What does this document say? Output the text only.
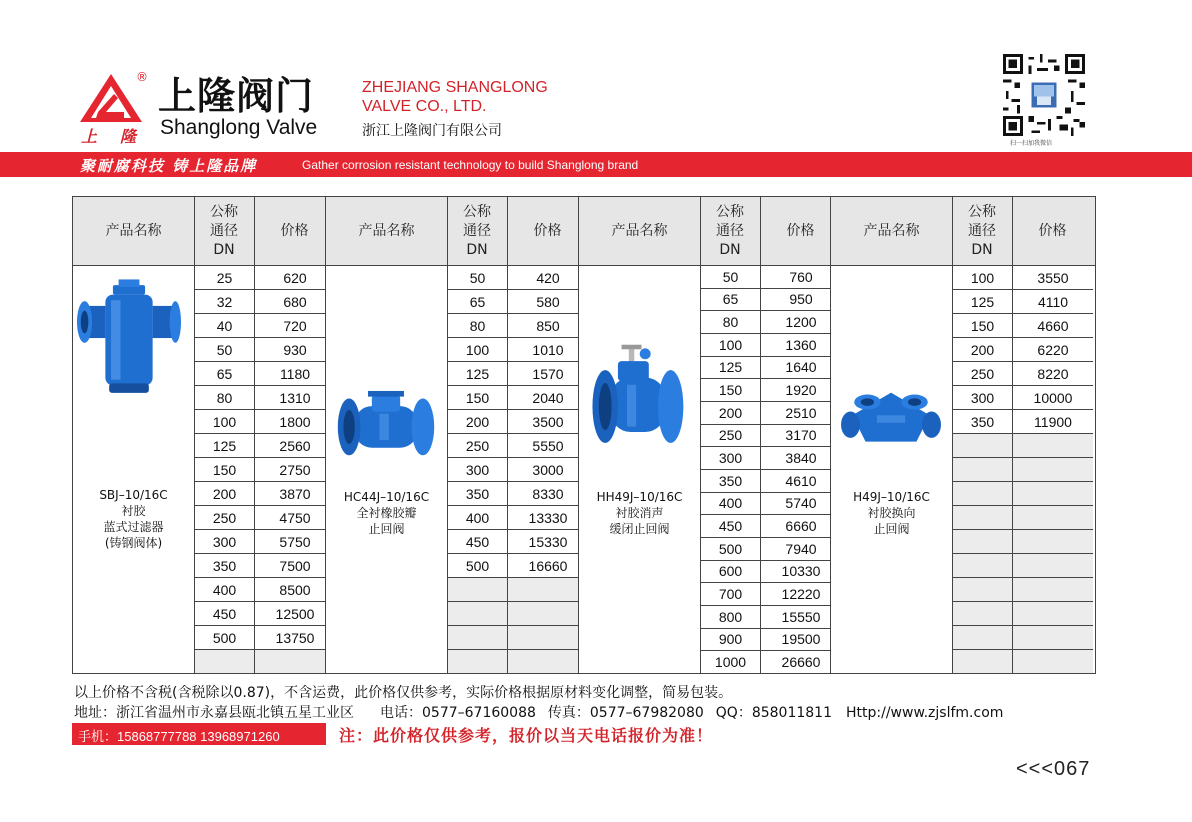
®
上 隆
上隆阀门
Shanglong Valve
ZHEJIANG SHANGLONG
VALVE CO., LTD.
浙江上隆阀门有限公司
扫一扫加我微信
聚耐腐科技 铸上隆品牌	Gather corrosion resistant technology to build Shanglong brand
产品名称
公称
通径
DN
价格
25	620
32	680
40	720
50	930
65	1180
80	1310
100	1800
125	2560
150	2750
200	3870
250	4750
300	5750
350	7500
400	8500
450	12500
500	13750
SBJ–10/16C
衬胶
蓝式过滤器
(铸钢阀体)
产品名称
公称
通径
DN
价格
50	420
65	580
80	850
100	1010
125	1570
150	2040
200	3500
250	5550
300	3000
350	8330
400	13330
450	15330
500	16660
HC44J–10/16C
全衬橡胶瓣
止回阀
产品名称
公称
通径
DN
价格
50	760
65	950
80	1200
100	1360
125	1640
150	1920
200	2510
250	3170
300	3840
350	4610
400	5740
450	6660
500	7940
600	10330
700	12220
800	15550
900	19500
1000	26660
HH49J–10/16C
衬胶消声
缓闭止回阀
产品名称
公称
通径
DN
价格
100	3550
125	4110
150	4660
200	6220
250	8220
300	10000
350	11900
H49J–10/16C
衬胶换向
止回阀
以上价格不含税(含税除以0.87)，不含运费，此价格仅供参考，实际价格根据原材料变化调整，简易包装。
地址：浙江省温州市永嘉县瓯北镇五星工业区 电话：0577–67160088 传真：0577–67982080 QQ：858011811 Http://www.zjslfm.com
手机：15868777788 13968971260	注：此价格仅供参考，报价以当天电话报价为准！
<<<067
